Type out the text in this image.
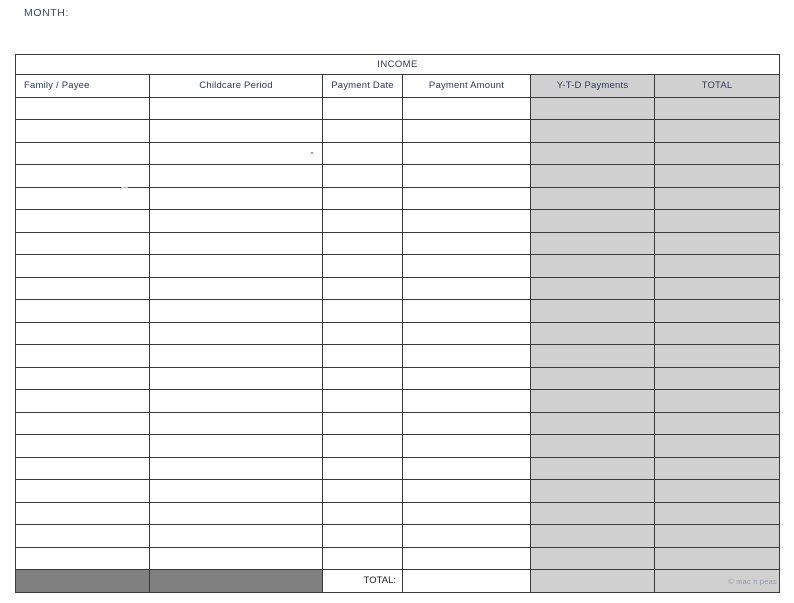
MONTH:
INCOME					
Family / Payee	Childcare Period	Payment Date	Payment Amount	Y-T-D Payments	TOTAL

		TOTAL:				© mac n peas
